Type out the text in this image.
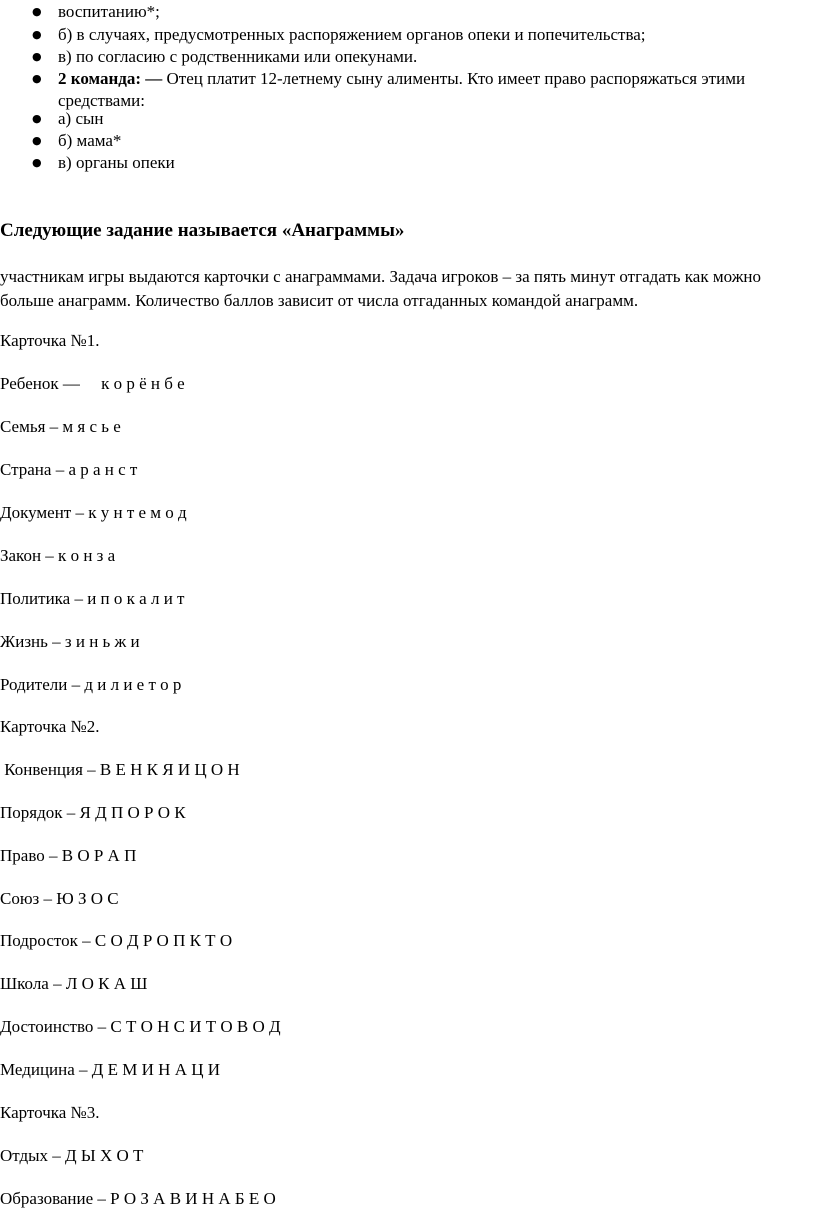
●
воспитанию*;
●
б) в случаях, предусмотренных распоряжением органов опеки и попечительства;
●
в) по согласию с родственниками или опекунами.
●
2 команда: — Отец платит 12-летнему сыну алименты. Кто имеет право распоряжаться этими
средствами:
●
а) сын
●
б) мама*
●
в) органы опеки
Следующие задание называется «Анаграммы»
участникам игры выдаются карточки с анаграммами. Задача игроков – за пять минут отгадать как можно больше анаграмм. Количество баллов зависит от числа отгаданных командой анаграмм.
Карточка №1.
Ребенок —     к о р ё н б е
Семья – м я с ь е
Страна – а р а н с т
Документ – к у н т е м о д
Закон – к о н з а
Политика – и п о к а л и т
Жизнь – з и н ь ж и
Родители – д и л и е т о р
Карточка №2.
Конвенция – В Е Н К Я И Ц О Н
Порядок – Я Д П О Р О К
Право – В О Р А П
Союз – Ю З О С
Подросток – С О Д Р О П К Т О
Школа – Л О К А Ш
Достоинство – С Т О Н С И Т О В О Д
Медицина – Д Е М И Н А Ц И
Карточка №3.
Отдых – Д Ы Х О Т
Образование – Р О З А В И Н А Б Е О
